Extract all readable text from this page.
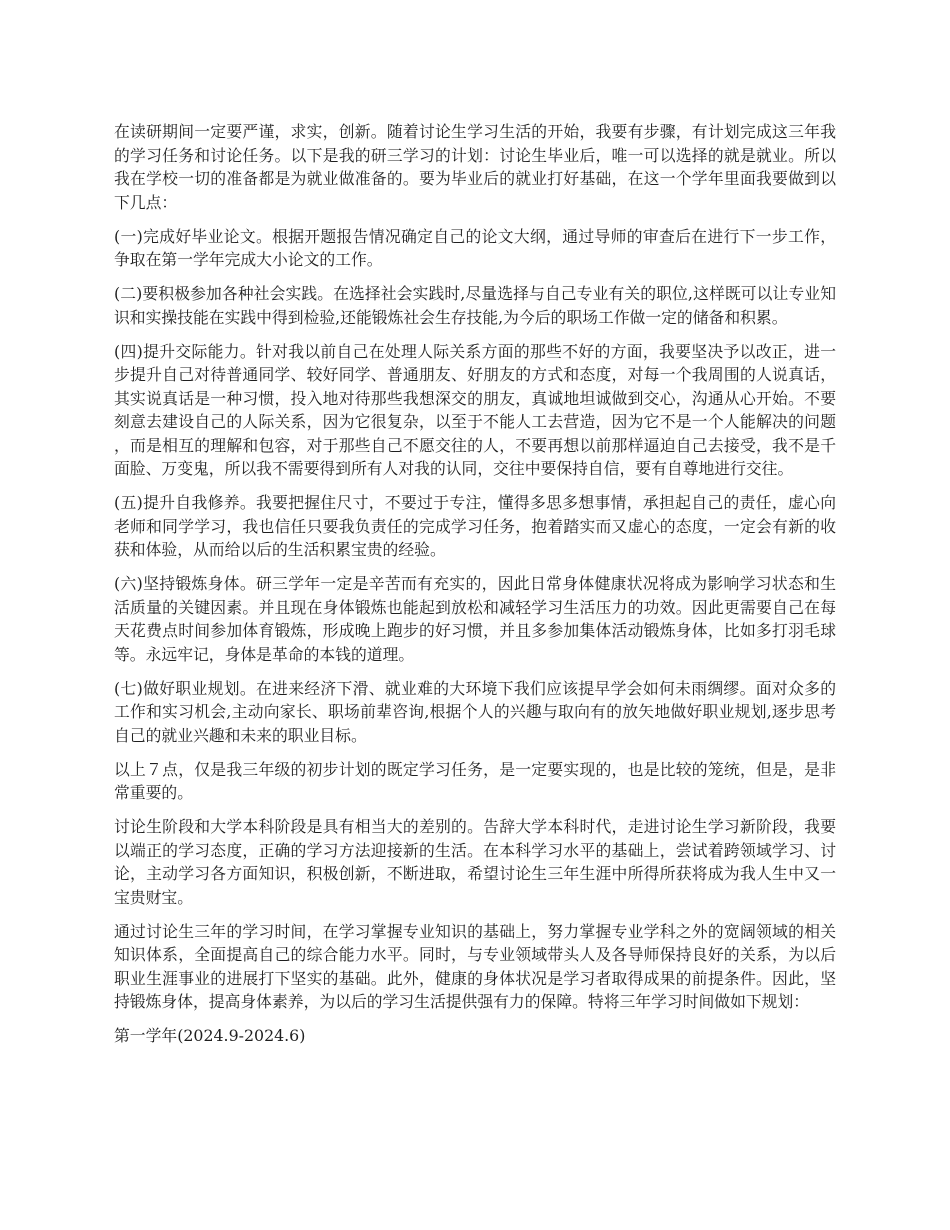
在读研期间一定要严谨，求实，创新。随着讨论生学习生活的开始，我要有步骤，有计划完成这三年我的学习任务和讨论任务。以下是我的研三学习的计划：讨论生毕业后，唯一可以选择的就是就业。所以我在学校一切的准备都是为就业做准备的。要为毕业后的就业打好基础，在这一个学年里面我要做到以下几点：

(一)完成好毕业论文。根据开题报告情况确定自己的论文大纲，通过导师的审查后在进行下一步工作，争取在第一学年完成大小论文的工作。

(二)要积极参加各种社会实践。在选择社会实践时,尽量选择与自己专业有关的职位,这样既可以让专业知识和实操技能在实践中得到检验,还能锻炼社会生存技能,为今后的职场工作做一定的储备和积累。

(四)提升交际能力。针对我以前自己在处理人际关系方面的那些不好的方面，我要坚决予以改正，进一步提升自己对待普通同学、较好同学、普通朋友、好朋友的方式和态度，对每一个我周围的人说真话，其实说真话是一种习惯，投入地对待那些我想深交的朋友，真诚地坦诚做到交心，沟通从心开始。不要刻意去建设自己的人际关系，因为它很复杂，以至于不能人工去营造，因为它不是一个人能解决的问题，而是相互的理解和包容，对于那些自己不愿交往的人，不要再想以前那样逼迫自己去接受，我不是千面脸、万变鬼，所以我不需要得到所有人对我的认同，交往中要保持自信，要有自尊地进行交往。

(五)提升自我修养。我要把握住尺寸，不要过于专注，懂得多思多想事情，承担起自己的责任，虚心向老师和同学学习，我也信任只要我负责任的完成学习任务，抱着踏实而又虚心的态度，一定会有新的收获和体验，从而给以后的生活积累宝贵的经验。

(六)坚持锻炼身体。研三学年一定是辛苦而有充实的，因此日常身体健康状况将成为影响学习状态和生活质量的关键因素。并且现在身体锻炼也能起到放松和减轻学习生活压力的功效。因此更需要自己在每天花费点时间参加体育锻炼，形成晚上跑步的好习惯，并且多参加集体活动锻炼身体，比如多打羽毛球等。永远牢记，身体是革命的本钱的道理。

(七)做好职业规划。在进来经济下滑、就业难的大环境下我们应该提早学会如何未雨绸缪。面对众多的工作和实习机会,主动向家长、职场前辈咨询,根据个人的兴趣与取向有的放矢地做好职业规划,逐步思考自己的就业兴趣和未来的职业目标。

以上７点，仅是我三年级的初步计划的既定学习任务，是一定要实现的，也是比较的笼统，但是，是非常重要的。

讨论生阶段和大学本科阶段是具有相当大的差别的。告辞大学本科时代，走进讨论生学习新阶段，我要以端正的学习态度，正确的学习方法迎接新的生活。在本科学习水平的基础上，尝试着跨领域学习、讨论，主动学习各方面知识，积极创新，不断进取，希望讨论生三年生涯中所得所获将成为我人生中又一宝贵财宝。

通过讨论生三年的学习时间，在学习掌握专业知识的基础上，努力掌握专业学科之外的宽阔领域的相关知识体系，全面提高自己的综合能力水平。同时，与专业领域带头人及各导师保持良好的关系，为以后职业生涯事业的进展打下坚实的基础。此外，健康的身体状况是学习者取得成果的前提条件。因此，坚持锻炼身体，提高身体素养，为以后的学习生活提供强有力的保障。特将三年学习时间做如下规划：

第一学年(2024.9-2024.6)
